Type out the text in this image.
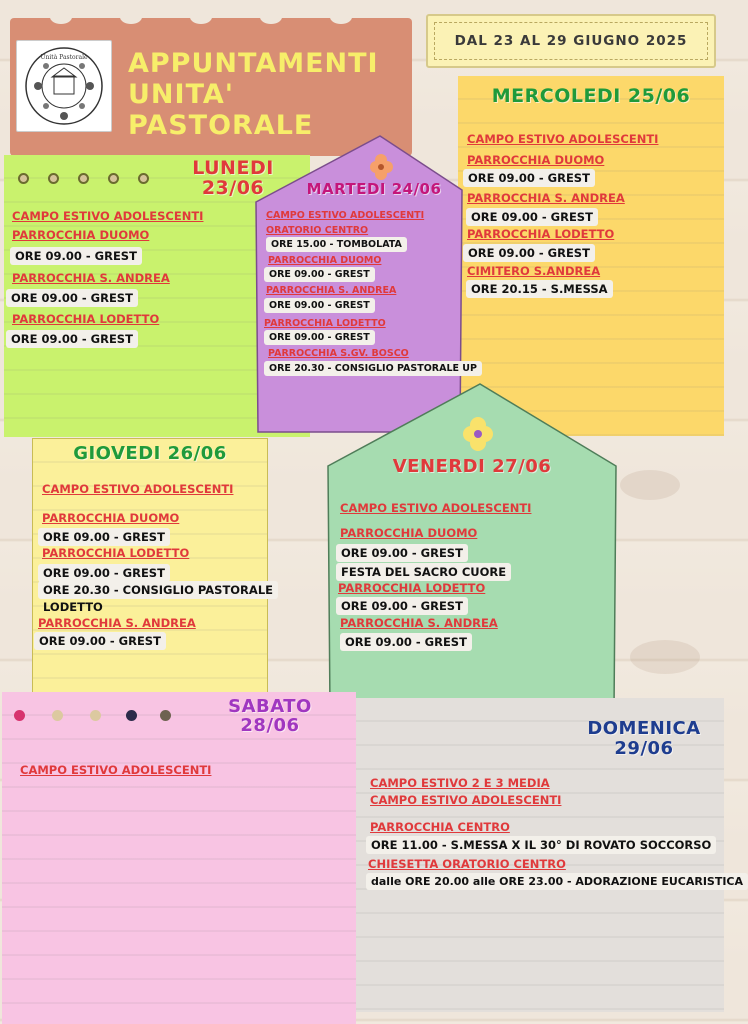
Unità Pastorale APPUNTAMENTI
UNITA'
PASTORALE
DAL 23 AL 29 GIUGNO 2025
LUNEDI
23/06
CAMPO ESTIVO ADOLESCENTI
PARROCCHIA DUOMO
ORE 09.00 - GREST
PARROCCHIA S. ANDREA
ORE 09.00 - GREST
PARROCCHIA LODETTO
ORE 09.00 - GREST
MERCOLEDI 25/06
CAMPO ESTIVO ADOLESCENTI
PARROCCHIA DUOMO
ORE 09.00 - GREST
PARROCCHIA S. ANDREA
ORE 09.00 - GREST
PARROCCHIA LODETTO
ORE 09.00 - GREST
CIMITERO S.ANDREA
ORE 20.15 - S.MESSA
MARTEDI 24/06
CAMPO ESTIVO ADOLESCENTI
ORATORIO CENTRO
ORE 15.00 - TOMBOLATA
PARROCCHIA DUOMO
ORE 09.00 - GREST
PARROCCHIA S. ANDREA
ORE 09.00 - GREST
PARROCCHIA LODETTO
ORE 09.00 - GREST
PARROCCHIA S.GV. BOSCO
ORE 20.30 - CONSIGLIO PASTORALE UP
GIOVEDI 26/06
CAMPO ESTIVO ADOLESCENTI
PARROCCHIA DUOMO
ORE 09.00 - GREST
PARROCCHIA LODETTO
ORE 09.00 - GREST
ORE 20.30 - CONSIGLIO PASTORALE
LODETTO
PARROCCHIA S. ANDREA
ORE 09.00 - GREST
VENERDI 27/06
CAMPO ESTIVO ADOLESCENTI
PARROCCHIA DUOMO
ORE 09.00 - GREST
FESTA DEL SACRO CUORE
PARROCCHIA LODETTO
ORE 09.00 - GREST
PARROCCHIA S. ANDREA
ORE 09.00 - GREST
SABATO
28/06
CAMPO ESTIVO ADOLESCENTI
DOMENICA
29/06
CAMPO ESTIVO 2 E 3 MEDIA
CAMPO ESTIVO ADOLESCENTI
PARROCCHIA CENTRO
ORE 11.00 - S.MESSA X IL 30° DI ROVATO SOCCORSO
CHIESETTA ORATORIO CENTRO
dalle ORE 20.00 alle ORE 23.00 - ADORAZIONE EUCARISTICA
